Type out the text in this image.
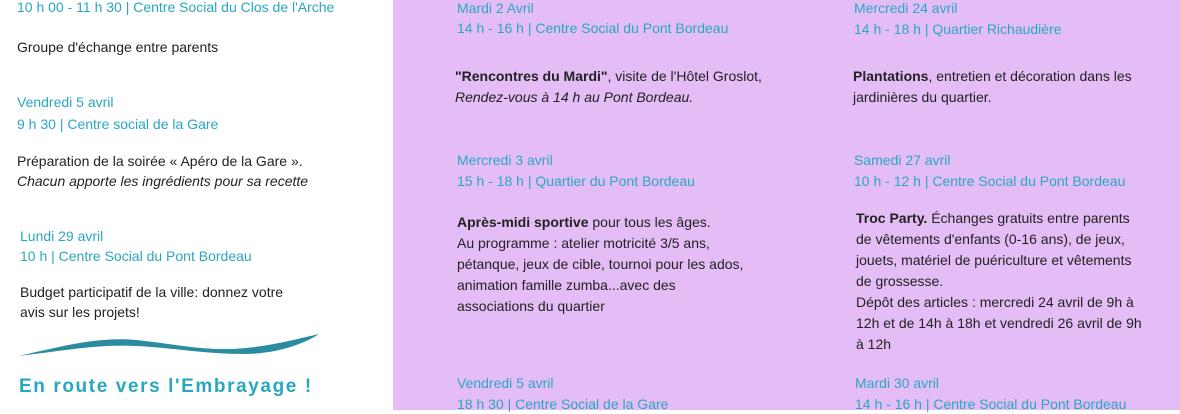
10 h 00 - 11 h 30 | Centre Social du Clos de l'Arche

Groupe d'échange entre parents

Vendredi 5 avril

9 h 30 | Centre social de la Gare

Préparation de la soirée « Apéro de la Gare ».

Chacun apporte les ingrédients pour sa recette

Lundi 29 avril

10 h | Centre Social du Pont Bordeau

Budget participatif de la ville: donnez votre

avis sur les projets!

En route vers l'Embrayage !

Mardi 2 Avril

14 h - 16 h | Centre Social du Pont Bordeau

"Rencontres du Mardi", visite de l'Hôtel Groslot,
Rendez-vous à 14 h au Pont Bordeau.

Mercredi 3 avril

15 h - 18 h | Quartier du Pont Bordeau

Après-midi sportive pour tous les âges.
Au programme : atelier motricité 3/5 ans,
pétanque, jeux de cible, tournoi pour les ados,
animation famille zumba...avec des
associations du quartier

Vendredi 5 avril

18 h 30 | Centre Social de la Gare

Mercredi 24 avril

14 h - 18 h | Quartier Richaudière

Plantations, entretien et décoration dans les
jardinières du quartier.

Samedi 27 avril

10 h - 12 h | Centre Social du Pont Bordeau

Troc Party. Échanges gratuits entre parents
de vêtements d'enfants (0-16 ans), de jeux,
jouets, matériel de puériculture et vêtements
de grossesse.
Dépôt des articles : mercredi 24 avril de 9h à
12h et de 14h à 18h et vendredi 26 avril de 9h
à 12h

Mardi 30 avril

14 h - 16 h | Centre Social du Pont Bordeau
